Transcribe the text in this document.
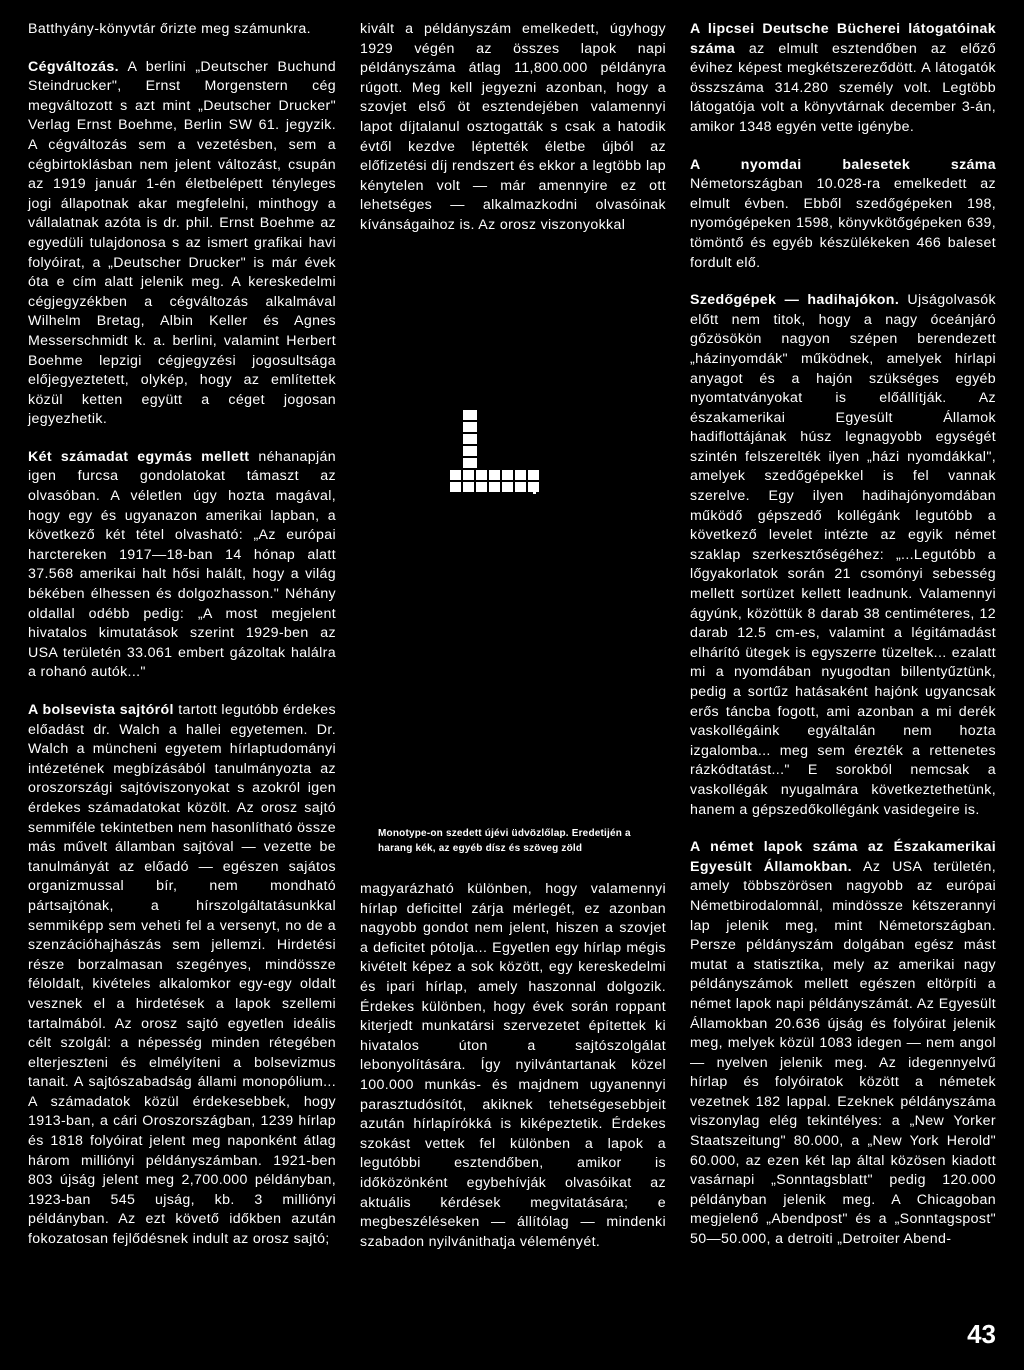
Batthyány-könyvtár őrizte meg számunkra.

Cégváltozás. A berlini „Deutscher Buchund Steindrucker", Ernst Morgenstern cég megváltozott s azt mint „Deutscher Drucker" Verlag Ernst Boehme, Berlin SW 61. jegyzik. A cégváltozás sem a vezetésben, sem a cégbirtoklásban nem jelent változást, csupán az 1919 január 1-én életbelépett tényleges jogi állapotnak akar megfelelni, minthogy a vállalatnak azóta is dr. phil. Ernst Boehme az egyedüli tulajdonosa s az ismert grafikai havi folyóirat, a „Deutscher Drucker" is már évek óta e cím alatt jelenik meg. A kereskedelmi cégjegyzékben a cégváltozás alkalmával Wilhelm Bretag, Albin Keller és Agnes Messerschmidt k. a. berlini, valamint Herbert Boehme lepzigi cégjegyzési jogosultsága előjegyeztetett, olykép, hogy az említettek közül ketten együtt a céget jogosan jegyezhetik.

Két számadat egymás mellett néhanapján igen furcsa gondolatokat támaszt az olvasóban. A véletlen úgy hozta magával, hogy egy és ugyanazon amerikai lapban, a következő két tétel olvasható: „Az európai harctereken 1917—18-ban 14 hónap alatt 37.568 amerikai halt hősi halált, hogy a világ békében élhessen és dolgozhasson." Néhány oldallal odébb pedig: „A most megjelent hivatalos kimutatások szerint 1929-ben az USA területén 33.061 embert gázoltak halálra a rohanó autók..."

A bolsevista sajtóról tartott legutóbb érdekes előadást dr. Walch a hallei egyetemen. Dr. Walch a müncheni egyetem hírlaptudományi intézetének megbízásából tanulmányozta az oroszországi sajtóviszonyokat s azokról igen érdekes számadatokat közölt. Az orosz sajtó semmiféle tekintetben nem hasonlítható össze más művelt államban sajtóval — vezette be tanulmányát az előadó — egészen sajátos organizmussal bír, nem mondható pártsajtónak, a hírszolgáltatásunkkal semmiképp sem veheti fel a versenyt, no de a szenzációhajhászás sem jellemzi. Hirdetési része borzalmasan szegényes, mindössze féloldalt, kivételes alkalomkor egy-egy oldalt vesznek el a hirdetések a lapok szellemi tartalmából. Az orosz sajtó egyetlen ideális célt szolgál: a népesség minden rétegében elterjeszteni és elmélyíteni a bolsevizmus tanait. A sajtószabadság állami monopólium... A számadatok közül érdekesebbek, hogy 1913-ban, a cári Oroszországban, 1239 hírlap és 1818 folyóirat jelent meg naponként átlag három milliónyi példányszámban. 1921-ben 803 újság jelent meg 2,700.000 példányban, 1923-ban 545 ujság, kb. 3 milliónyi példányban. Az ezt követő időkben azután fokozatosan fejlődésnek indult az orosz sajtó;

kivált a példányszám emelkedett, úgyhogy 1929 végén az összes lapok napi példányszáma átlag 11,800.000 példányra rúgott. Meg kell jegyezni azonban, hogy a szovjet első öt esztendejében valamennyi lapot díjtalanul osztogatták s csak a hatodik évtől kezdve léptették életbe újból az előfizetési díj rendszert és ekkor a legtöbb lap kénytelen volt — már amennyire ez ott lehetséges — alkalmazkodni olvasóinak kívánságaihoz is. Az orosz viszonyokkal

Monotype-on szedett újévi üdvözlőlap. Eredetijén a harang kék, az egyéb dísz és szöveg zöld

magyarázható különben, hogy valamennyi hírlap deficittel zárja mérlegét, ez azonban nagyobb gondot nem jelent, hiszen a szovjet a deficitet pótolja... Egyetlen egy hírlap mégis kivételt képez a sok között, egy kereskedelmi és ipari hírlap, amely haszonnal dolgozik. Érdekes különben, hogy évek során roppant kiterjedt munkatársi szervezetet építettek ki hivatalos úton a sajtószolgálat lebonyolítására. Így nyilvántartanak közel 100.000 munkás- és majdnem ugyanennyi parasztudósítót, akiknek tehetségesebbjeit azután hírlapírókká is kiképeztetik. Érdekes szokást vettek fel különben a lapok a legutóbbi esztendőben, amikor is időközönként egybehívják olvasóikat az aktuális kérdések megvitatására; e megbeszéléseken — állítólag — mindenki szabadon nyilvánithatja véleményét.

A lipcsei Deutsche Bücherei látogatóinak száma az elmult esztendőben az előző évihez képest megkétszereződött. A látogatók összszáma 314.280 személy volt. Legtöbb látogatója volt a könyvtárnak december 3-án, amikor 1348 egyén vette igénybe.

A nyomdai balesetek száma Németországban 10.028-ra emelkedett az elmult évben. Ebből szedőgépeken 198, nyomógépeken 1598, könyvkötőgépeken 639, tömöntő és egyéb készülékeken 466 baleset fordult elő.

Szedőgépek — hadihajókon. Ujságolvasók előtt nem titok, hogy a nagy óceánjáró gőzösökön nagyon szépen berendezett „házinyomdák" működnek, amelyek hírlapi anyagot és a hajón szükséges egyéb nyomtatványokat is előállítják. Az északamerikai Egyesült Államok hadiflottájának húsz legnagyobb egységét szintén felszerelték ilyen „házi nyomdákkal", amelyek szedőgépekkel is fel vannak szerelve. Egy ilyen hadihajónyomdában működő gépszedő kollégánk legutóbb a következő levelet intézte az egyik német szaklap szerkesztőségéhez: „...Legutóbb a lőgyakorlatok során 21 csomónyi sebesség mellett sortüzet kellett leadnunk. Valamennyi ágyúnk, közöttük 8 darab 38 centiméteres, 12 darab 12.5 cm-es, valamint a légitámadást elhárító ütegek is egyszerre tüzeltek... ezalatt mi a nyomdában nyugodtan billentyűztünk, pedig a sortűz hatásaként hajónk ugyancsak erős táncba fogott, ami azonban a mi derék vaskollégáink egyáltalán nem hozta izgalomba... meg sem érezték a rettenetes rázkódtatást..." E sorokból nemcsak a vaskollégák nyugalmára következtethetünk, hanem a gépszedőkollégánk vasidegeire is.

A német lapok száma az Északamerikai Egyesült Államokban. Az USA területén, amely többszörösen nagyobb az európai Németbirodalomnál, mindössze kétszerannyi lap jelenik meg, mint Németországban. Persze példányszám dolgában egész mást mutat a statisztika, mely az amerikai nagy példányszámok mellett egészen eltörpíti a német lapok napi példányszámát. Az Egyesült Államokban 20.636 újság és folyóirat jelenik meg, melyek közül 1083 idegen — nem angol — nyelven jelenik meg. Az idegennyelvű hírlap és folyóiratok között a németek vezetnek 182 lappal. Ezeknek példányszáma viszonylag elég tekintélyes: a „New Yorker Staatszeitung" 80.000, a „New York Herold" 60.000, az ezen két lap által közösen kiadott vasárnapi „Sonntagsblatt" pedig 120.000 példányban jelenik meg. A Chicagoban megjelenő „Abendpost" és a „Sonntagspost" 50—50.000, a detroiti „Detroiter Abend-

43
